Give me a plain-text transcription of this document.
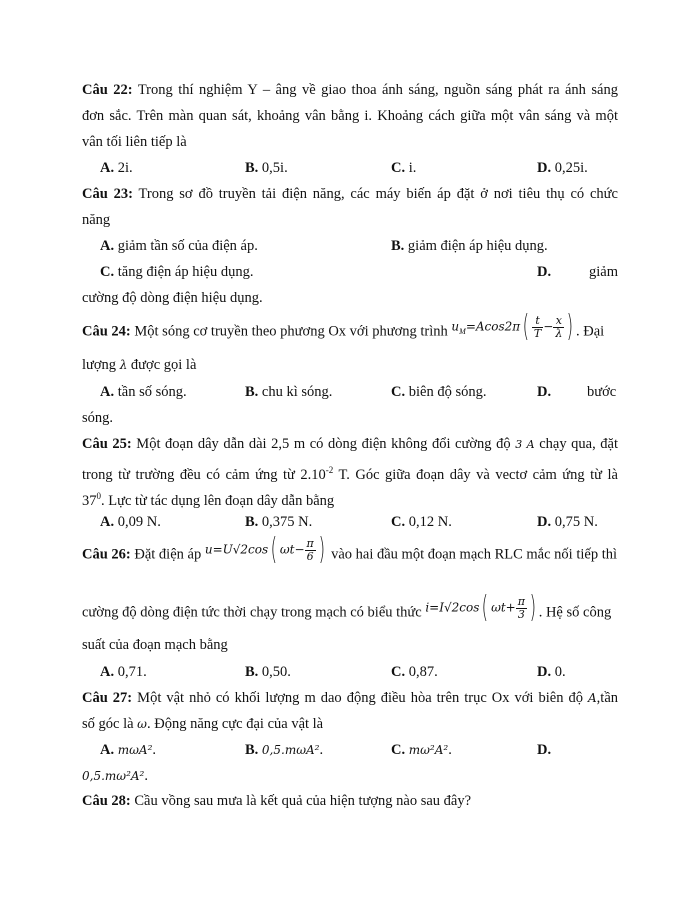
Câu 22: Trong thí nghiệm Y – âng về giao thoa ánh sáng, nguồn sáng phát ra ánh sáng
đơn sắc. Trên màn quan sát, khoảng vân bằng i. Khoảng cách giữa một vân sáng và một
vân tối liên tiếp là
A. 2i.	B. 0,5i.	C. i.	D. 0,25i.
Câu 23: Trong sơ đồ truyền tải điện năng, các máy biến áp đặt ở nơi tiêu thụ có chức
năng
A. giảm tần số của điện áp.	B. giảm điện áp hiệu dụng.
C. tăng điện áp hiệu dụng.	D.	giảm
cường độ dòng điện hiệu dụng.
Câu 24: Một sóng cơ truyền theo phương Ox với phương trình $u_M=Acos2\pi( \frac{t}{T} - \frac{x}{\lambda}$ ) . Đại
lượng λ được gọi là
A. tần số sóng.	B. chu kì sóng.	C. biên độ sóng.	D. bước
sóng.
Câu 25: Một đoạn dây dẫn dài 2,5 m có dòng điện không đổi cường độ 3 A chạy qua, đặt
trong từ trường đều có cảm ứng từ $2.10^{-2}$ T. Góc giữa đoạn dây và vectơ cảm ứng từ là
$37^0$. Lực từ tác dụng lên đoạn dây dẫn bằng
A. 0,09 N.	B. 0,375 N.	C. 0,12 N.	D. 0,75 N.
Câu 26: Đặt điện áp u=U√2cos( $\omega t- \frac{\pi}{6}$ ) vào hai đầu một đoạn mạch RLC mắc nối tiếp thì
cường độ dòng điện tức thời chạy trong mạch có biểu thức i=I√2cos( $\omega t+ \frac{\pi}{3}$ ) . Hệ số công
suất của đoạn mạch bằng
A. 0,71.	B. 0,50.	C. 0,87.	D. 0.
Câu 27: Một vật nhỏ có khối lượng m dao động điều hòa trên trục Ox với biên độ A,tần
số góc là ω. Động năng cực đại của vật là
A. mωA².	B. 0,5.mωA².	C. mω²A².	D.
0,5.mω²A².
Câu 28: Cầu vồng sau mưa là kết quả của hiện tượng nào sau đây?
